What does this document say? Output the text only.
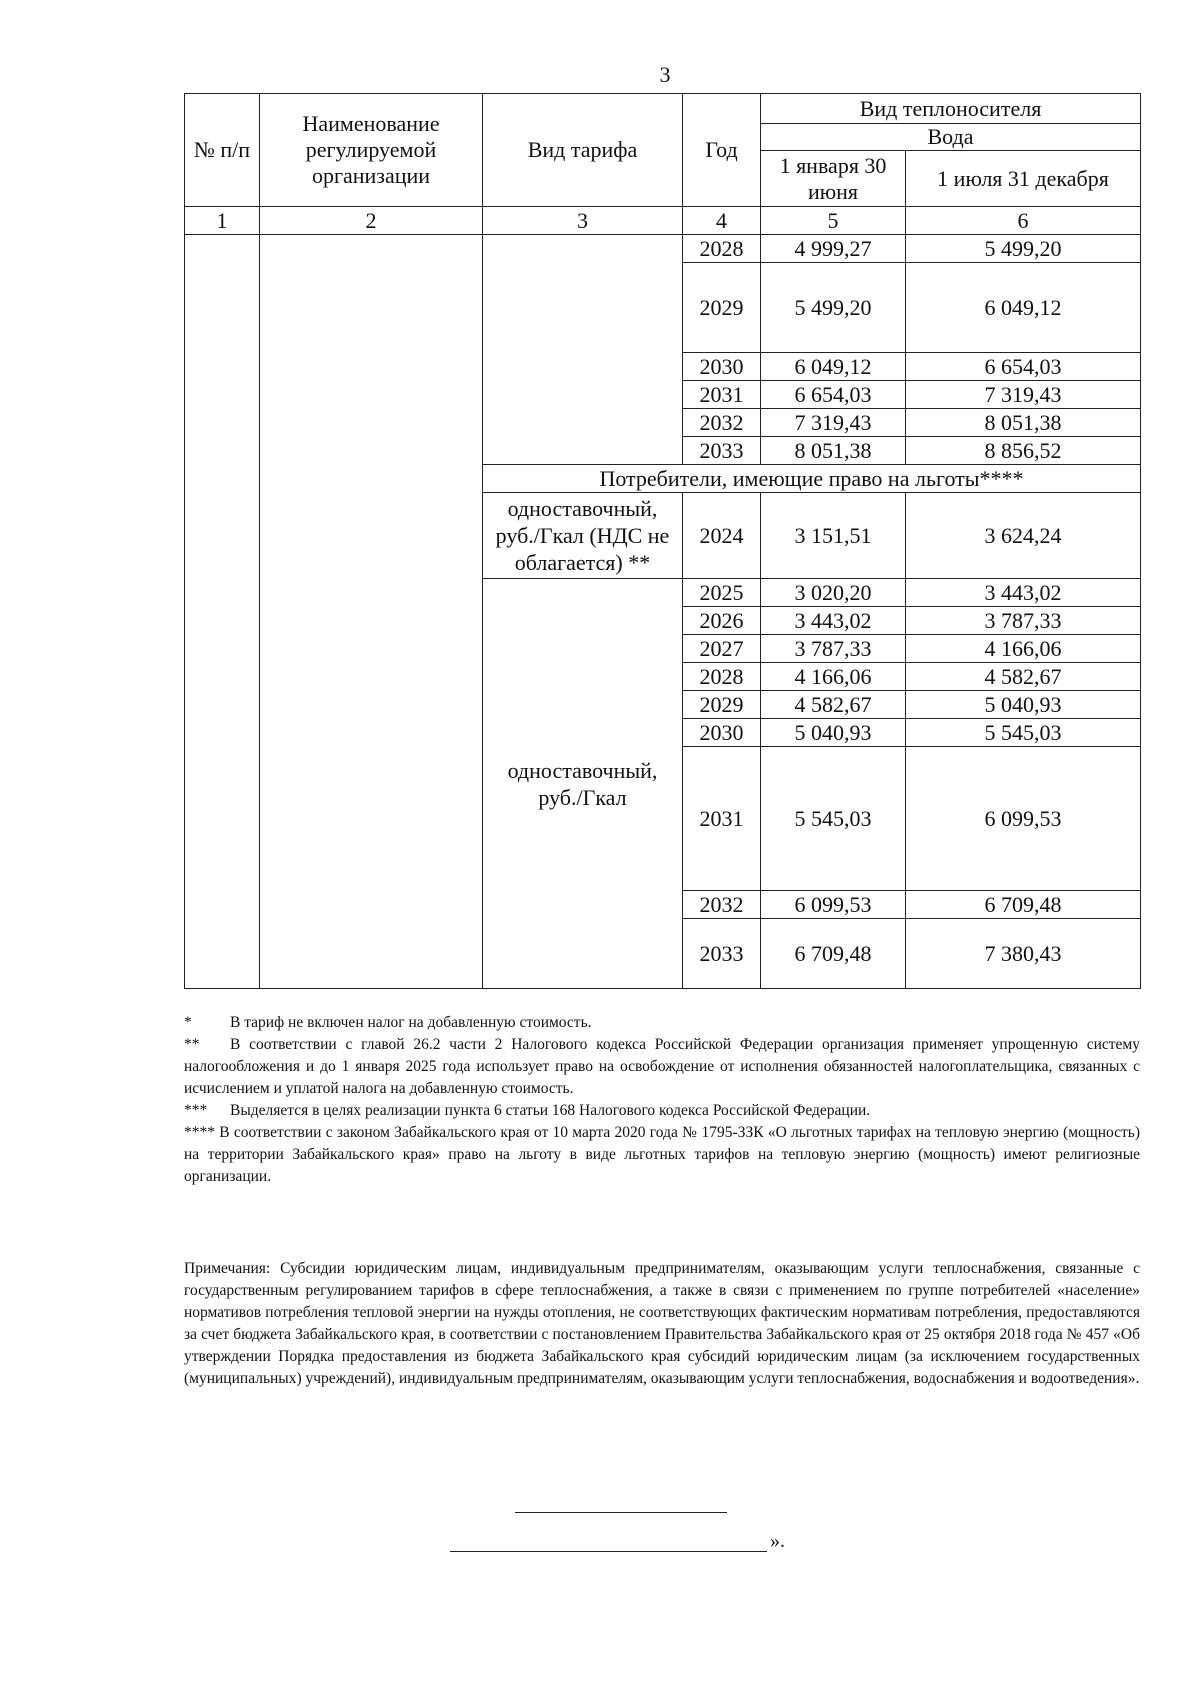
3
№ п/п	Наименование регулируемой организации	Вид тарифа	Год	Вид теплоносителя	
				Вода	
				1 января 30 июня	1 июля 31 декабря
1	2	3	4	5	6
			2028	4 999,27	5 499,20
			2029	5 499,20	6 049,12
			2030	6 049,12	6 654,03
			2031	6 654,03	7 319,43
			2032	7 319,43	8 051,38
			2033	8 051,38	8 856,52
		Потребители, имеющие право на льготы****			
		одноставочный, руб./Гкал (НДС не облагается) **	2024	3 151,51	3 624,24
		одноставочный, руб./Гкал	2025	3 020,20	3 443,02
			2026	3 443,02	3 787,33
			2027	3 787,33	4 166,06
			2028	4 166,06	4 582,67
			2029	4 582,67	5 040,93
			2030	5 040,93	5 545,03
			2031	5 545,03	6 099,53
			2032	6 099,53	6 709,48
			2033	6 709,48	7 380,43

* В тариф не включен налог на добавленную стоимость.

** В соответствии с главой 26.2 части 2 Налогового кодекса Российской Федерации организация применяет упрощенную систему налогообложения и до 1 января 2025 года использует право на освобождение от исполнения обязанностей налогоплательщика, связанных с исчислением и уплатой налога на добавленную стоимость.

*** Выделяется в целях реализации пункта 6 статьи 168 Налогового кодекса Российской Федерации.

**** В соответствии с законом Забайкальского края от 10 марта 2020 года № 1795-ЗЗК «О льготных тарифах на тепловую энергию (мощность) на территории Забайкальского края» право на льготу в виде льготных тарифов на тепловую энергию (мощность) имеют религиозные организации.

Примечания: Субсидии юридическим лицам, индивидуальным предпринимателям, оказывающим услуги теплоснабжения, связанные с государственным регулированием тарифов в сфере теплоснабжения, а также в связи с применением по группе потребителей «население» нормативов потребления тепловой энергии на нужды отопления, не соответствующих фактическим нормативам потребления, предоставляются за счет бюджета Забайкальского края, в соответствии с постановлением Правительства Забайкальского края от 25 октября 2018 года № 457 «Об утверждении Порядка предоставления из бюджета Забайкальского края субсидий юридическим лицам (за исключением государственных (муниципальных) учреждений), индивидуальным предпринимателям, оказывающим услуги теплоснабжения, водоснабжения и водоотведения».
».
